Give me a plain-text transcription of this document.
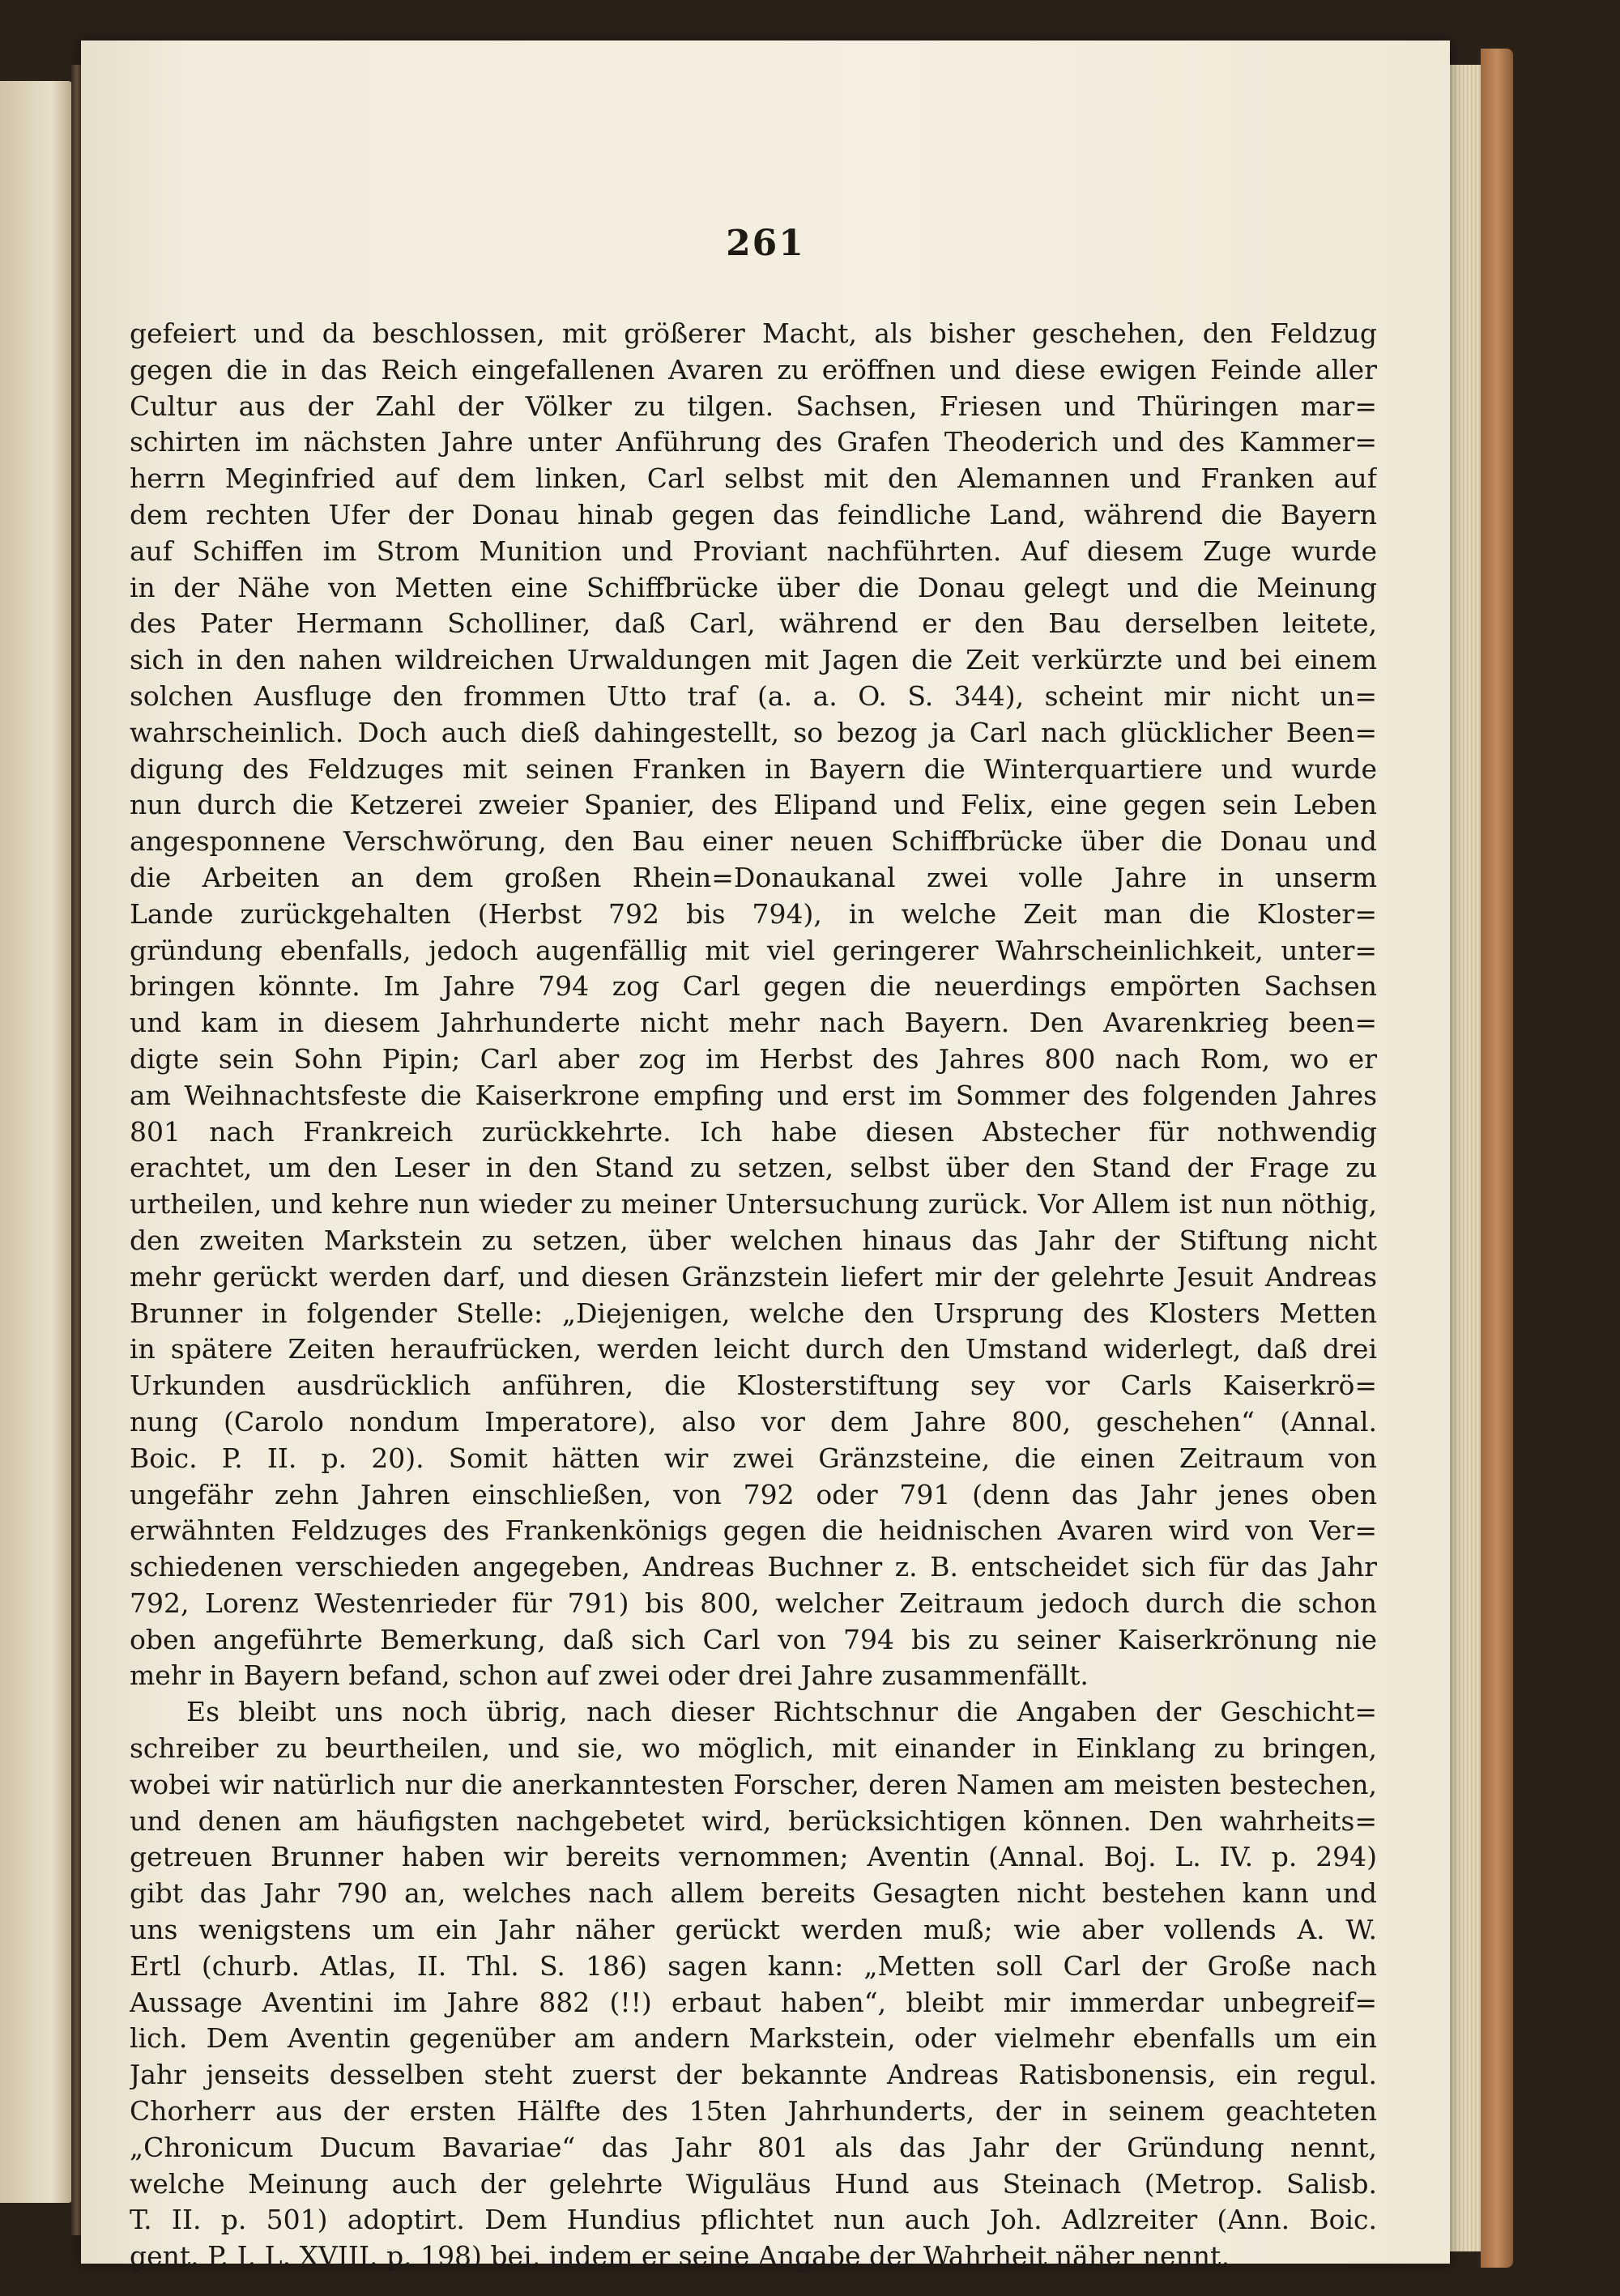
261
gefeiert und da beschlossen, mit größerer Macht, als bisher geschehen, den Feldzug
gegen die in das Reich eingefallenen Avaren zu eröffnen und diese ewigen Feinde aller
Cultur aus der Zahl der Völker zu tilgen. Sachsen, Friesen und Thüringen mar=
schirten im nächsten Jahre unter Anführung des Grafen Theoderich und des Kammer=
herrn Meginfried auf dem linken, Carl selbst mit den Alemannen und Franken auf
dem rechten Ufer der Donau hinab gegen das feindliche Land, während die Bayern
auf Schiffen im Strom Munition und Proviant nachführten. Auf diesem Zuge wurde
in der Nähe von Metten eine Schiffbrücke über die Donau gelegt und die Meinung
des Pater Hermann Scholliner, daß Carl, während er den Bau derselben leitete,
sich in den nahen wildreichen Urwaldungen mit Jagen die Zeit verkürzte und bei einem
solchen Ausfluge den frommen Utto traf (a. a. O. S. 344), scheint mir nicht un=
wahrscheinlich. Doch auch dieß dahingestellt, so bezog ja Carl nach glücklicher Been=
digung des Feldzuges mit seinen Franken in Bayern die Winterquartiere und wurde
nun durch die Ketzerei zweier Spanier, des Elipand und Felix, eine gegen sein Leben
angesponnene Verschwörung, den Bau einer neuen Schiffbrücke über die Donau und
die Arbeiten an dem großen Rhein=Donaukanal zwei volle Jahre in unserm
Lande zurückgehalten (Herbst 792 bis 794), in welche Zeit man die Kloster=
gründung ebenfalls, jedoch augenfällig mit viel geringerer Wahrscheinlichkeit, unter=
bringen könnte. Im Jahre 794 zog Carl gegen die neuerdings empörten Sachsen
und kam in diesem Jahrhunderte nicht mehr nach Bayern. Den Avarenkrieg been=
digte sein Sohn Pipin; Carl aber zog im Herbst des Jahres 800 nach Rom, wo er
am Weihnachtsfeste die Kaiserkrone empfing und erst im Sommer des folgenden Jahres
801 nach Frankreich zurückkehrte. Ich habe diesen Abstecher für nothwendig
erachtet, um den Leser in den Stand zu setzen, selbst über den Stand der Frage zu
urtheilen, und kehre nun wieder zu meiner Untersuchung zurück. Vor Allem ist nun nöthig,
den zweiten Markstein zu setzen, über welchen hinaus das Jahr der Stiftung nicht
mehr gerückt werden darf, und diesen Gränzstein liefert mir der gelehrte Jesuit Andreas
Brunner in folgender Stelle: „Diejenigen, welche den Ursprung des Klosters Metten
in spätere Zeiten heraufrücken, werden leicht durch den Umstand widerlegt, daß drei
Urkunden ausdrücklich anführen, die Klosterstiftung sey vor Carls Kaiserkrö=
nung (Carolo nondum Imperatore), also vor dem Jahre 800, geschehen“ (Annal.
Boic. P. II. p. 20). Somit hätten wir zwei Gränzsteine, die einen Zeitraum von
ungefähr zehn Jahren einschließen, von 792 oder 791 (denn das Jahr jenes oben
erwähnten Feldzuges des Frankenkönigs gegen die heidnischen Avaren wird von Ver=
schiedenen verschieden angegeben, Andreas Buchner z. B. entscheidet sich für das Jahr
792, Lorenz Westenrieder für 791) bis 800, welcher Zeitraum jedoch durch die schon
oben angeführte Bemerkung, daß sich Carl von 794 bis zu seiner Kaiserkrönung nie
mehr in Bayern befand, schon auf zwei oder drei Jahre zusammenfällt.
Es bleibt uns noch übrig, nach dieser Richtschnur die Angaben der Geschicht=
schreiber zu beurtheilen, und sie, wo möglich, mit einander in Einklang zu bringen,
wobei wir natürlich nur die anerkanntesten Forscher, deren Namen am meisten bestechen,
und denen am häufigsten nachgebetet wird, berücksichtigen können. Den wahrheits=
getreuen Brunner haben wir bereits vernommen; Aventin (Annal. Boj. L. IV. p. 294)
gibt das Jahr 790 an, welches nach allem bereits Gesagten nicht bestehen kann und
uns wenigstens um ein Jahr näher gerückt werden muß; wie aber vollends A. W.
Ertl (churb. Atlas, II. Thl. S. 186) sagen kann: „Metten soll Carl der Große nach
Aussage Aventini im Jahre 882 (!!) erbaut haben“, bleibt mir immerdar unbegreif=
lich. Dem Aventin gegenüber am andern Markstein, oder vielmehr ebenfalls um ein
Jahr jenseits desselben steht zuerst der bekannte Andreas Ratisbonensis, ein regul.
Chorherr aus der ersten Hälfte des 15ten Jahrhunderts, der in seinem geachteten
„Chronicum Ducum Bavariae“ das Jahr 801 als das Jahr der Gründung nennt,
welche Meinung auch der gelehrte Wiguläus Hund aus Steinach (Metrop. Salisb.
T. II. p. 501) adoptirt. Dem Hundius pflichtet nun auch Joh. Adlzreiter (Ann. Boic.
gent. P. I. L. XVIII. p. 198) bei, indem er seine Angabe der Wahrheit näher nennt,
